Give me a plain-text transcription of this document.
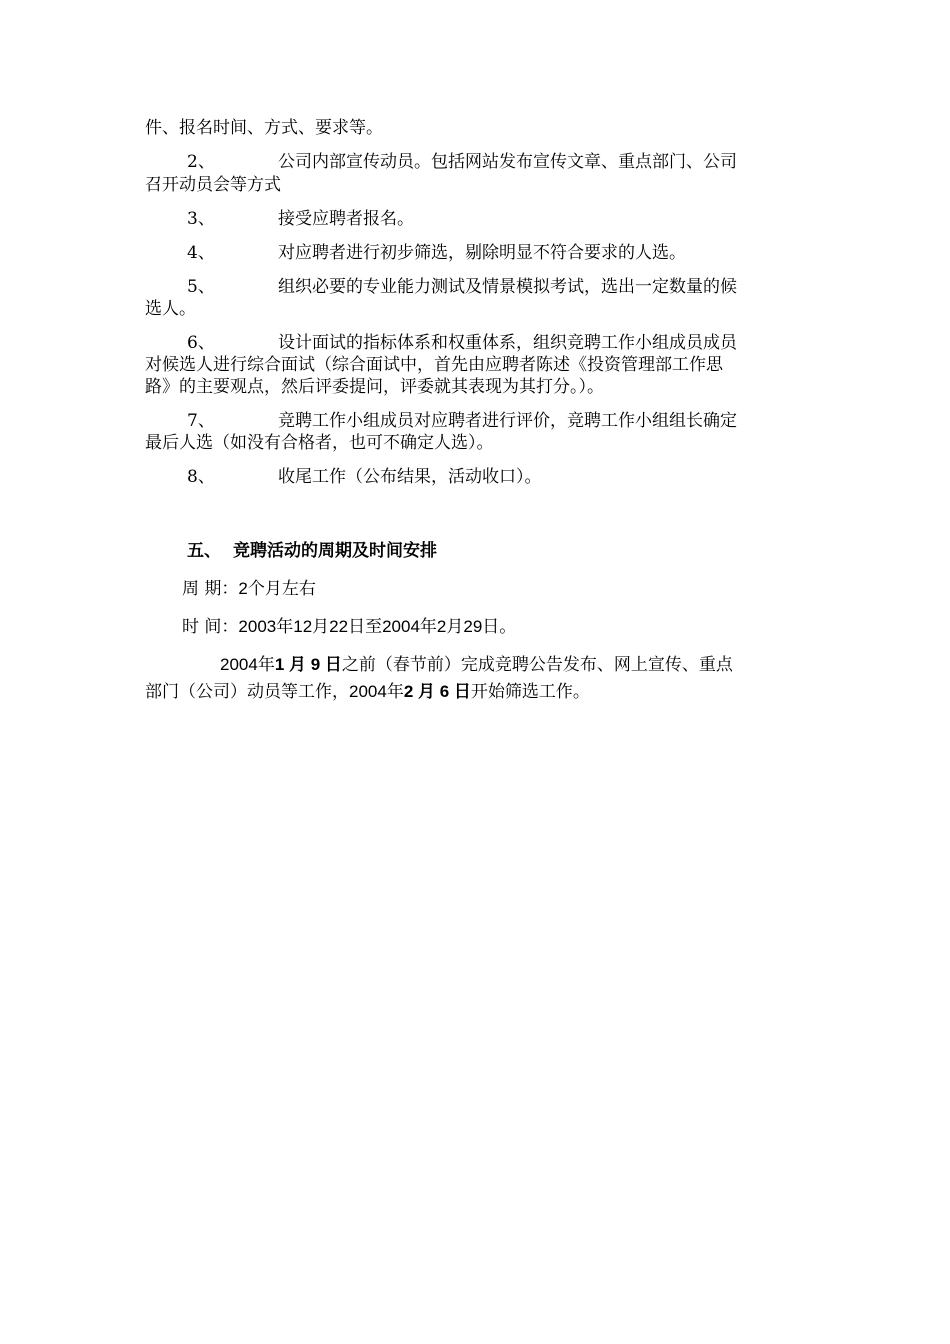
件、报名时间、方式、要求等。
2、	公司内部宣传动员。包括网站发布宣传文章、重点部门、公司
召开动员会等方式
3、	接受应聘者报名。
4、	对应聘者进行初步筛选，剔除明显不符合要求的人选。
5、	组织必要的专业能力测试及情景模拟考试，选出一定数量的候
选人。
6、	设计面试的指标体系和权重体系，组织竞聘工作小组成员成员
对候选人进行综合面试（综合面试中，首先由应聘者陈述《投资管理部工作思
路》的主要观点，然后评委提问，评委就其表现为其打分。）。
7、	竞聘工作小组成员对应聘者进行评价，竞聘工作小组组长确定
最后人选（如没有合格者，也可不确定人选）。
8、	收尾工作（公布结果，活动收口）。
五、 竞聘活动的周期及时间安排
周 期：2个月左右
时 间：2003年12月22日至2004年2月29日。
2004年1 月 9 日之前（春节前）完成竞聘公告发布、网上宣传、重点
部门（公司）动员等工作，2004年2 月 6 日开始筛选工作。
